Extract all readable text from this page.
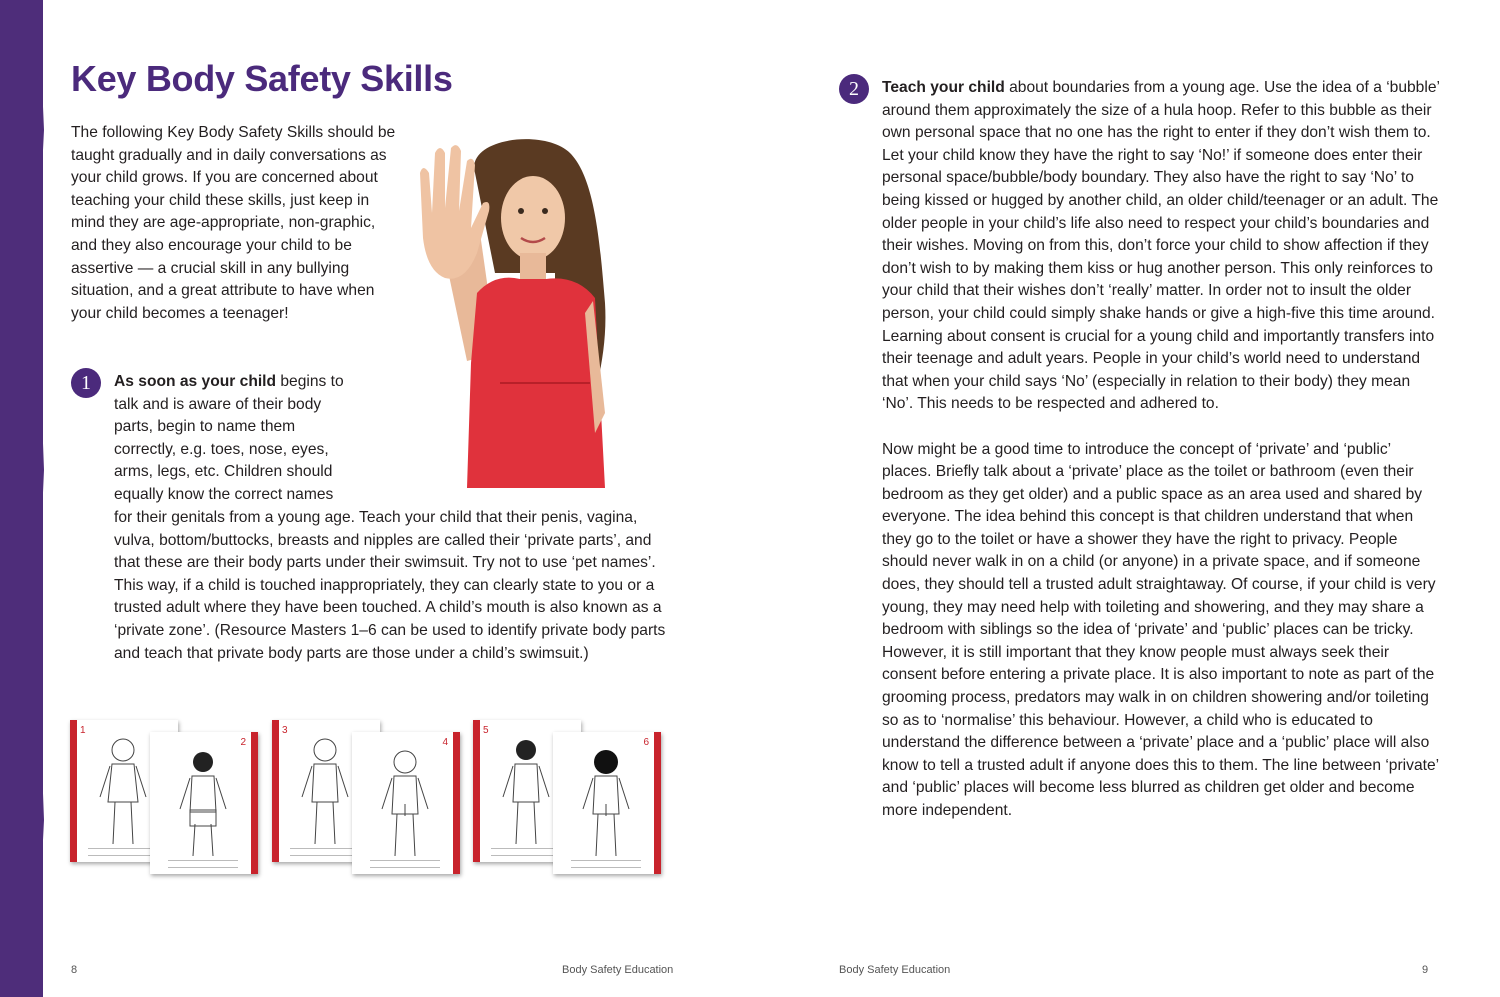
Key Body Safety Skills

The following Key Body Safety Skills should be taught gradually and in daily conversations as your child grows. If you are concerned about teaching your child these skills, just keep in mind they are age-appropriate, non-graphic, and they also encourage your child to be assertive — a crucial skill in any bullying situation, and a great attribute to have when your child becomes a teenager!

1	As soon as your child begins to talk and is aware of their body parts, begin to name them correctly, e.g. toes, nose, eyes, arms, legs, etc. Children should equally know the correct names

for their genitals from a young age. Teach your child that their penis, vagina, vulva, bottom/buttocks, breasts and nipples are called their ‘private parts’, and that these are their body parts under their swimsuit. Try not to use ‘pet names’. This way, if a child is touched inappropriately, they can clearly state to you or a trusted adult where they have been touched. A child’s mouth is also known as a ‘private zone’. (Resource Masters 1–6 can be used to identify private body parts and teach that private body parts are those under a child’s swimsuit.)

1
2
3
4
5
6
2	Teach your child about boundaries from a young age. Use the idea of a ‘bubble’ around them approximately the size of a hula hoop. Refer to this bubble as their own personal space that no one has the right to enter if they don’t wish them to. Let your child know they have the right to say ‘No!’ if someone does enter their personal space/bubble/body boundary. They also have the right to say ‘No’ to being kissed or hugged by another child, an older child/teenager or an adult. The older people in your child’s life also need to respect your child’s boundaries and their wishes. Moving on from this, don’t force your child to show affection if they don’t wish to by making them kiss or hug another person. This only reinforces to your child that their wishes don’t ‘really’ matter. In order not to insult the older person, your child could simply shake hands or give a high-five this time around. Learning about consent is crucial for a young child and importantly transfers into their teenage and adult years. People in your child’s world need to understand that when your child says ‘No’ (especially in relation to their body) they mean ‘No’. This needs to be respected and adhered to.

Now might be a good time to introduce the concept of ‘private’ and ‘public’ places. Briefly talk about a ‘private’ place as the toilet or bathroom (even their bedroom as they get older) and a public space as an area used and shared by everyone. The idea behind this concept is that children understand that when they go to the toilet or have a shower they have the right to privacy. People should never walk in on a child (or anyone) in a private space, and if someone does, they should tell a trusted adult straightaway. Of course, if your child is very young, they may need help with toileting and showering, and they may share a bedroom with siblings so the idea of ‘private’ and ‘public’ places can be tricky. However, it is still important that they know people must always seek their consent before entering a private place. It is also important to note as part of the grooming process, predators may walk in on children showering and/or toileting so as to ‘normalise’ this behaviour. However, a child who is educated to understand the difference between a ‘private’ place and a ‘public’ place will also know to tell a trusted adult if anyone does this to them. The line between ‘private’ and ‘public’ places will become less blurred as children get older and become more independent.

8	Body Safety Education	Body Safety Education	9
